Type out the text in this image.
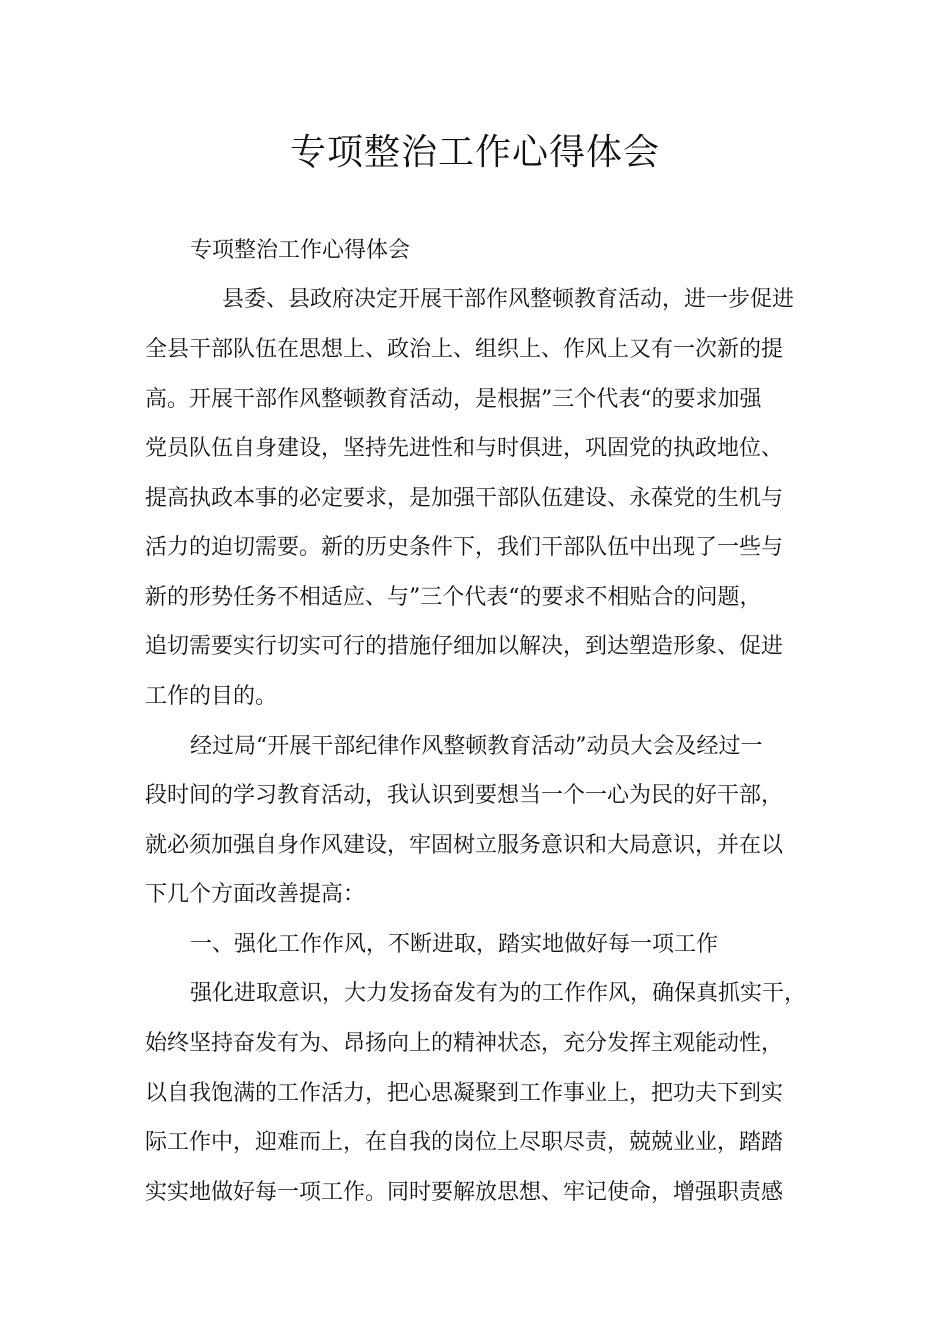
专项整治工作心得体会

专项整治工作心得体会

县委、县政府决定开展干部作风整顿教育活动，进一步促进

全县干部队伍在思想上、政治上、组织上、作风上又有一次新的提

高。开展干部作风整顿教育活动，是根据”三个代表“的要求加强

党员队伍自身建设，坚持先进性和与时俱进，巩固党的执政地位、

提高执政本事的必定要求，是加强干部队伍建设、永葆党的生机与

活力的迫切需要。新的历史条件下，我们干部队伍中出现了一些与

新的形势任务不相适应、与”三个代表“的要求不相贴合的问题，

追切需要实行切实可行的措施仔细加以解决，到达塑造形象、促进

工作的目的。

经过局“开展干部纪律作风整顿教育活动”动员大会及经过一

段时间的学习教育活动，我认识到要想当一个一心为民的好干部，

就必须加强自身作风建设，牢固树立服务意识和大局意识，并在以

下几个方面改善提高：

一、强化工作作风，不断进取，踏实地做好每一项工作

强化进取意识，大力发扬奋发有为的工作作风，确保真抓实干，

始终坚持奋发有为、昂扬向上的精神状态，充分发挥主观能动性，

以自我饱满的工作活力，把心思凝聚到工作事业上，把功夫下到实

际工作中，迎难而上，在自我的岗位上尽职尽责，兢兢业业，踏踏

实实地做好每一项工作。同时要解放思想、牢记使命，增强职责感
